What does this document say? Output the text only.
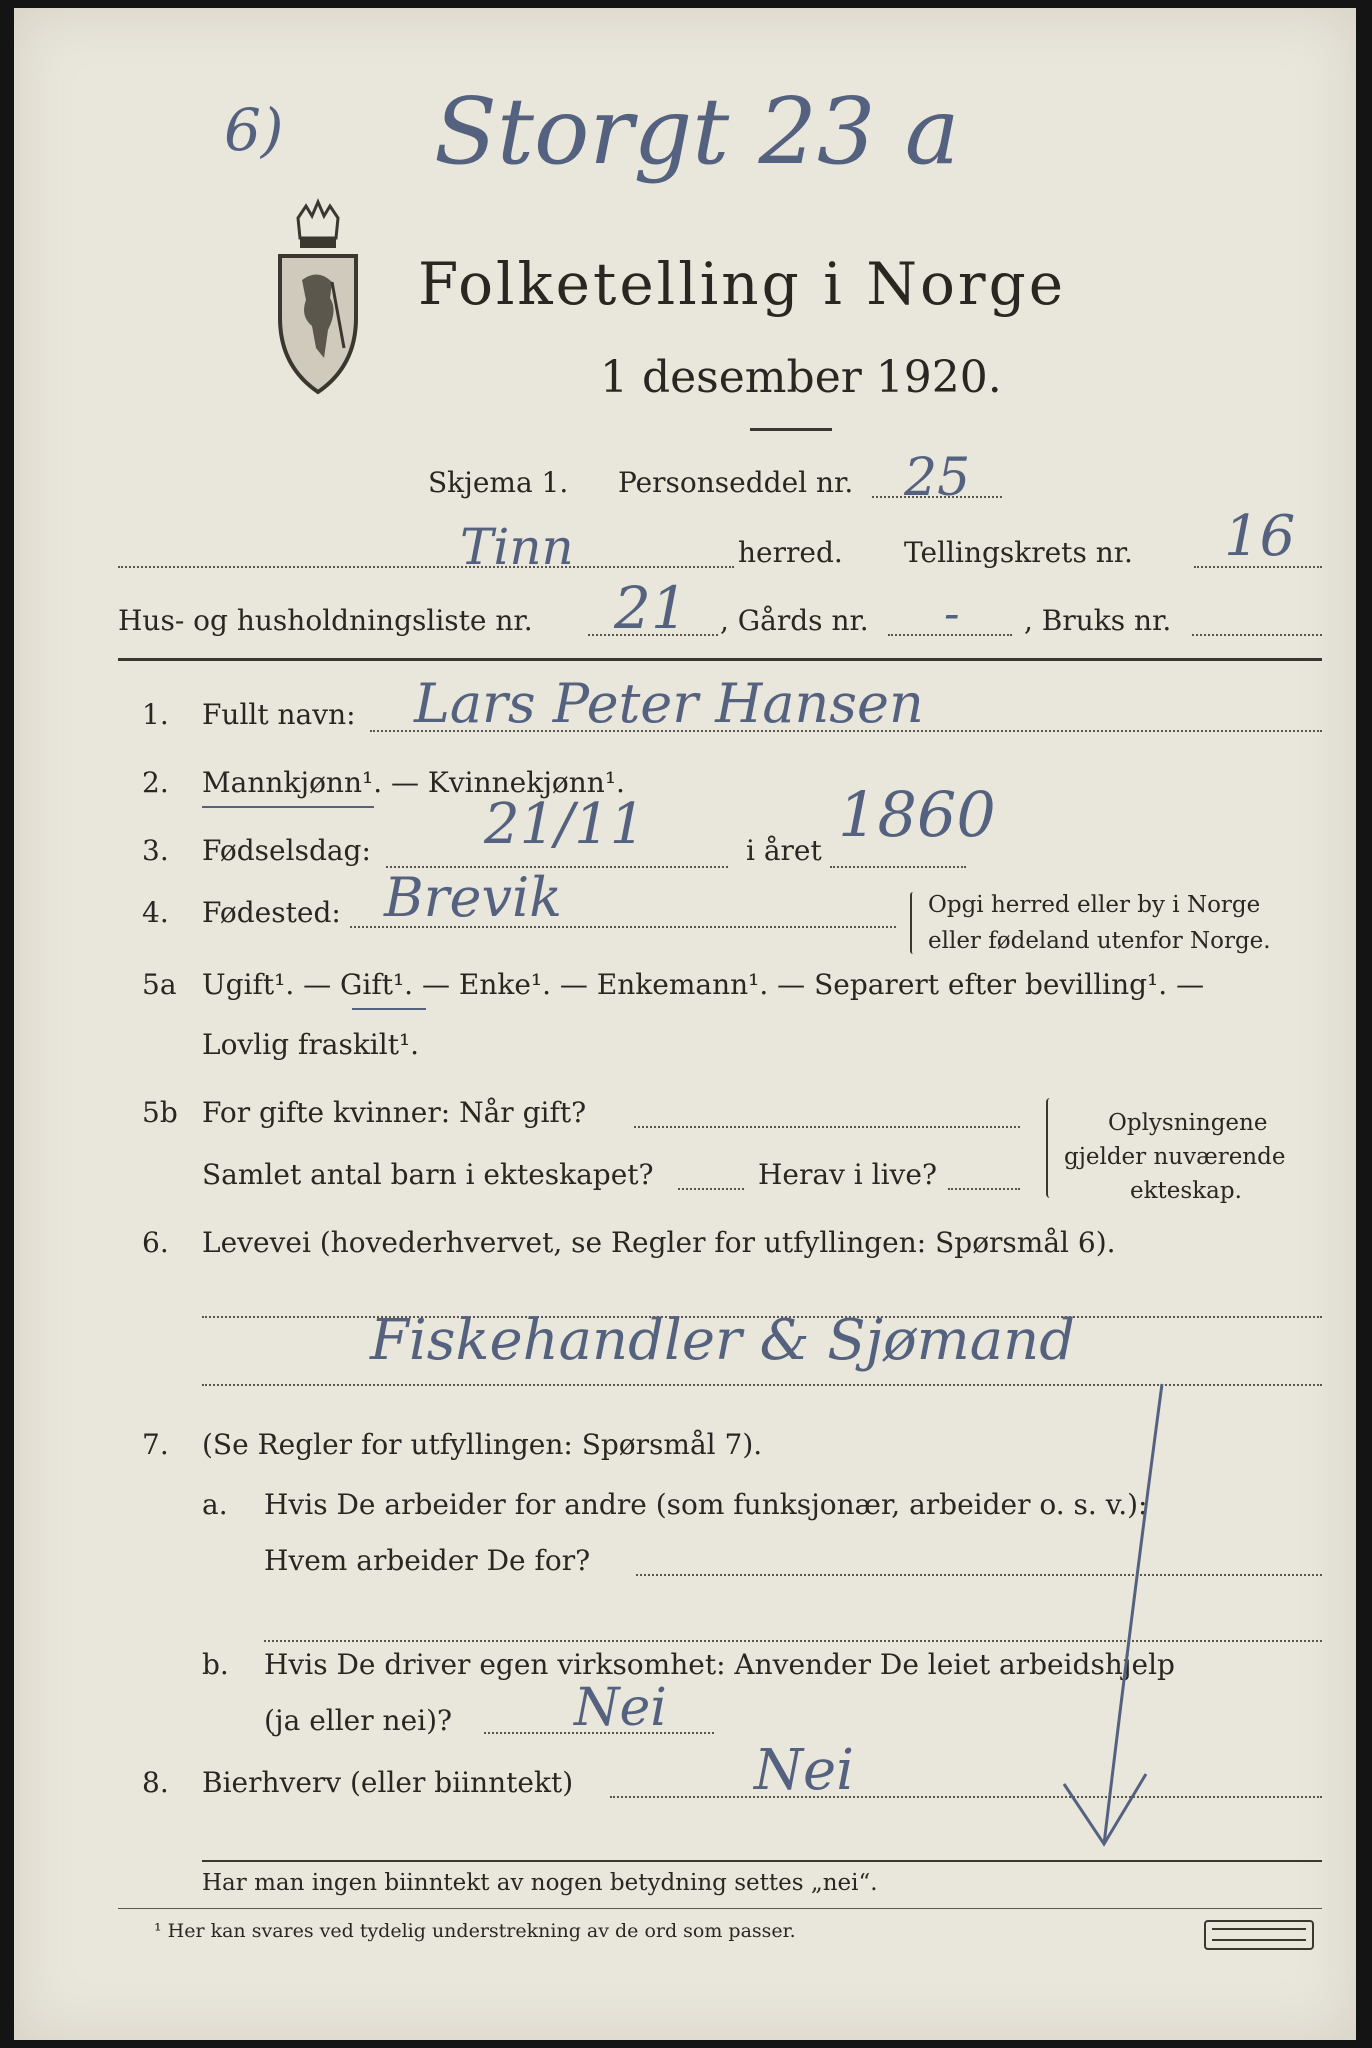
6) Storgt 23 a
Folketelling i Norge
1 desember 1920.
Skjema 1. Personseddel nr. 25
Tinn	herred. Tellingskrets nr. 16
Hus- og husholdningsliste nr. 21 , Gårds nr. - , Bruks nr.
1. Fullt navn: Lars Peter Hansen
2. Mannkjønn¹. — Kvinnekjønn¹.
3. Fødselsdag: 21/11	i året 1860
4. Fødested: Brevik	Opgi herred eller by i Norge
eller fødeland utenfor Norge.
5a Ugift¹. — Gift¹. — Enke¹. — Enkemann¹. — Separert efter bevilling¹. —
Lovlig fraskilt¹.
5b For gifte kvinner: Når gift?
Samlet antal barn i ekteskapet?	Herav i live?
Oplysningene
gjelder nuværende
ekteskap.
6. Levevei (hovederhvervet, se Regler for utfyllingen: Spørsmål 6).
Fiskehandler & Sjømand
7. (Se Regler for utfyllingen: Spørsmål 7).
a. Hvis De arbeider for andre (som funksjonær, arbeider o. s. v.):
Hvem arbeider De for?
b. Hvis De driver egen virksomhet: Anvender De leiet arbeidshjelp
(ja eller nei)? Nei
8. Bierhverv (eller biinntekt)	Nei
Har man ingen biinntekt av nogen betydning settes „nei“.
¹ Her kan svares ved tydelig understrekning av de ord som passer.
